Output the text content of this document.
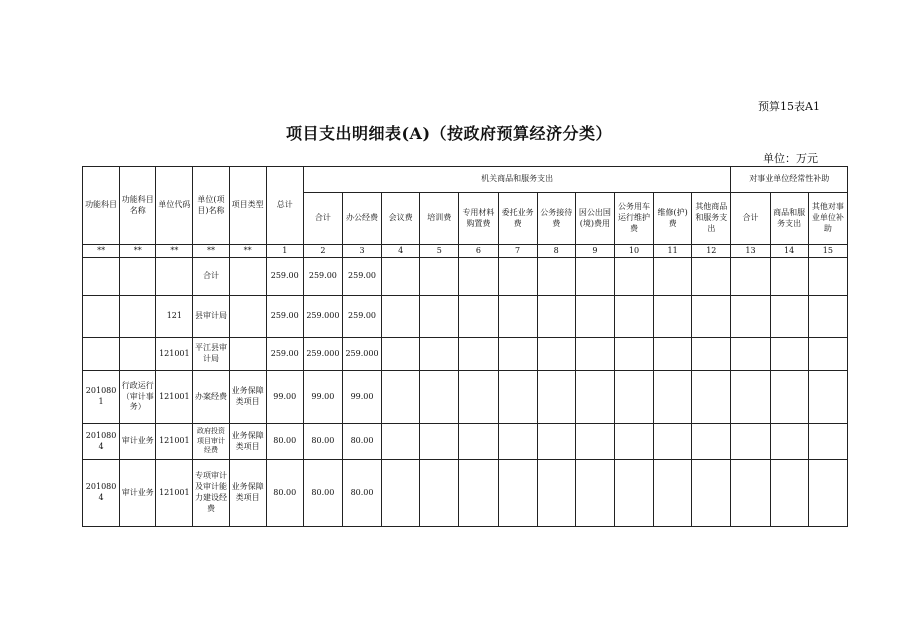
预算15表A1
项目支出明细表(A)（按政府预算经济分类）
单位：万元
功能科目	功能科目名称	单位代码	单位(项目)名称	项目类型	总计	机关商品和服务支出											对事业单位经常性补助		
						合计	办公经费	会议费	培训费	专用材料购置费	委托业务费	公务接待费	因公出国(境)费用	公务用车运行维护费	维修(护)费	其他商品和服务支出	合计	商品和服务支出	其他对事业单位补助
**	**	**	**	**	1	2	3	4	5	6	7	8	9	10	11	12	13	14	15
			合计		259.00	259.00	259.00												
		121	县审计局		259.00	259.000	259.00												
		121001	平江县审计局		259.00	259.000	259.000												
2010801	行政运行（审计事务）	121001	办案经费	业务保障类项目	99.00	99.00	99.00												
2010804	审计业务	121001	政府投资项目审计经费	业务保障类项目	80.00	80.00	80.00												
2010804	审计业务	121001	专项审计及审计能力建设经费	业务保障类项目	80.00	80.00	80.00												
